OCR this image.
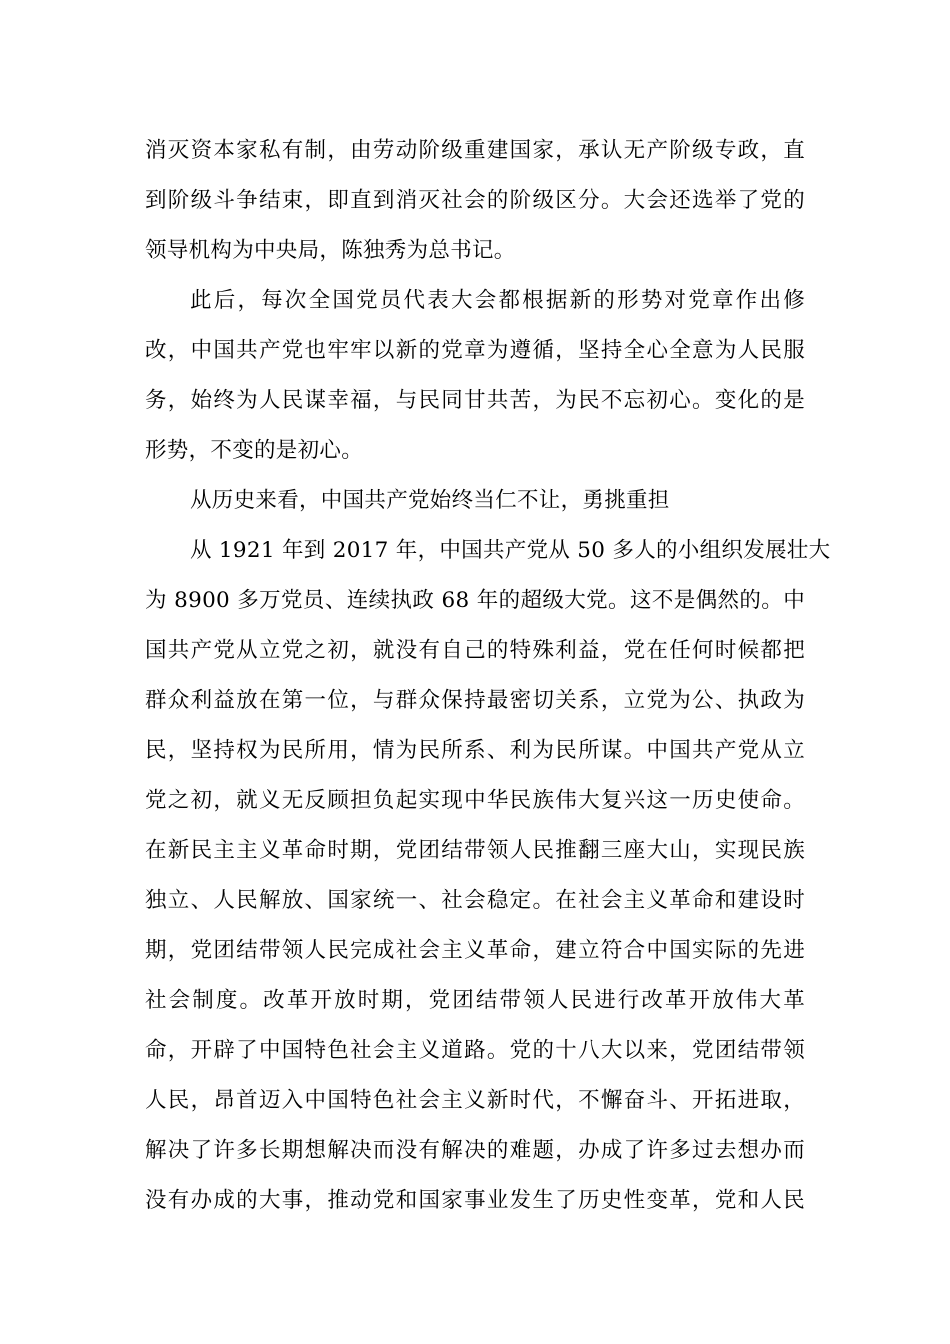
消灭资本家私有制，由劳动阶级重建国家，承认无产阶级专政，直
到阶级斗争结束，即直到消灭社会的阶级区分。大会还选举了党的
领导机构为中央局，陈独秀为总书记。
此后，每次全国党员代表大会都根据新的形势对党章作出修
改，中国共产党也牢牢以新的党章为遵循，坚持全心全意为人民服
务，始终为人民谋幸福，与民同甘共苦，为民不忘初心。变化的是
形势，不变的是初心。
从历史来看，中国共产党始终当仁不让，勇挑重担
从 1921 年到 2017 年，中国共产党从 50 多人的小组织发展壮大
为 8900 多万党员、连续执政 68 年的超级大党。这不是偶然的。中
国共产党从立党之初，就没有自己的特殊利益，党在任何时候都把
群众利益放在第一位，与群众保持最密切关系，立党为公、执政为
民，坚持权为民所用，情为民所系、利为民所谋。中国共产党从立
党之初，就义无反顾担负起实现中华民族伟大复兴这一历史使命。
在新民主主义革命时期，党团结带领人民推翻三座大山，实现民族
独立、人民解放、国家统一、社会稳定。在社会主义革命和建设时
期，党团结带领人民完成社会主义革命，建立符合中国实际的先进
社会制度。改革开放时期，党团结带领人民进行改革开放伟大革
命，开辟了中国特色社会主义道路。党的十八大以来，党团结带领
人民，昂首迈入中国特色社会主义新时代，不懈奋斗、开拓进取，
解决了许多长期想解决而没有解决的难题，办成了许多过去想办而
没有办成的大事，推动党和国家事业发生了历史性变革，党和人民
